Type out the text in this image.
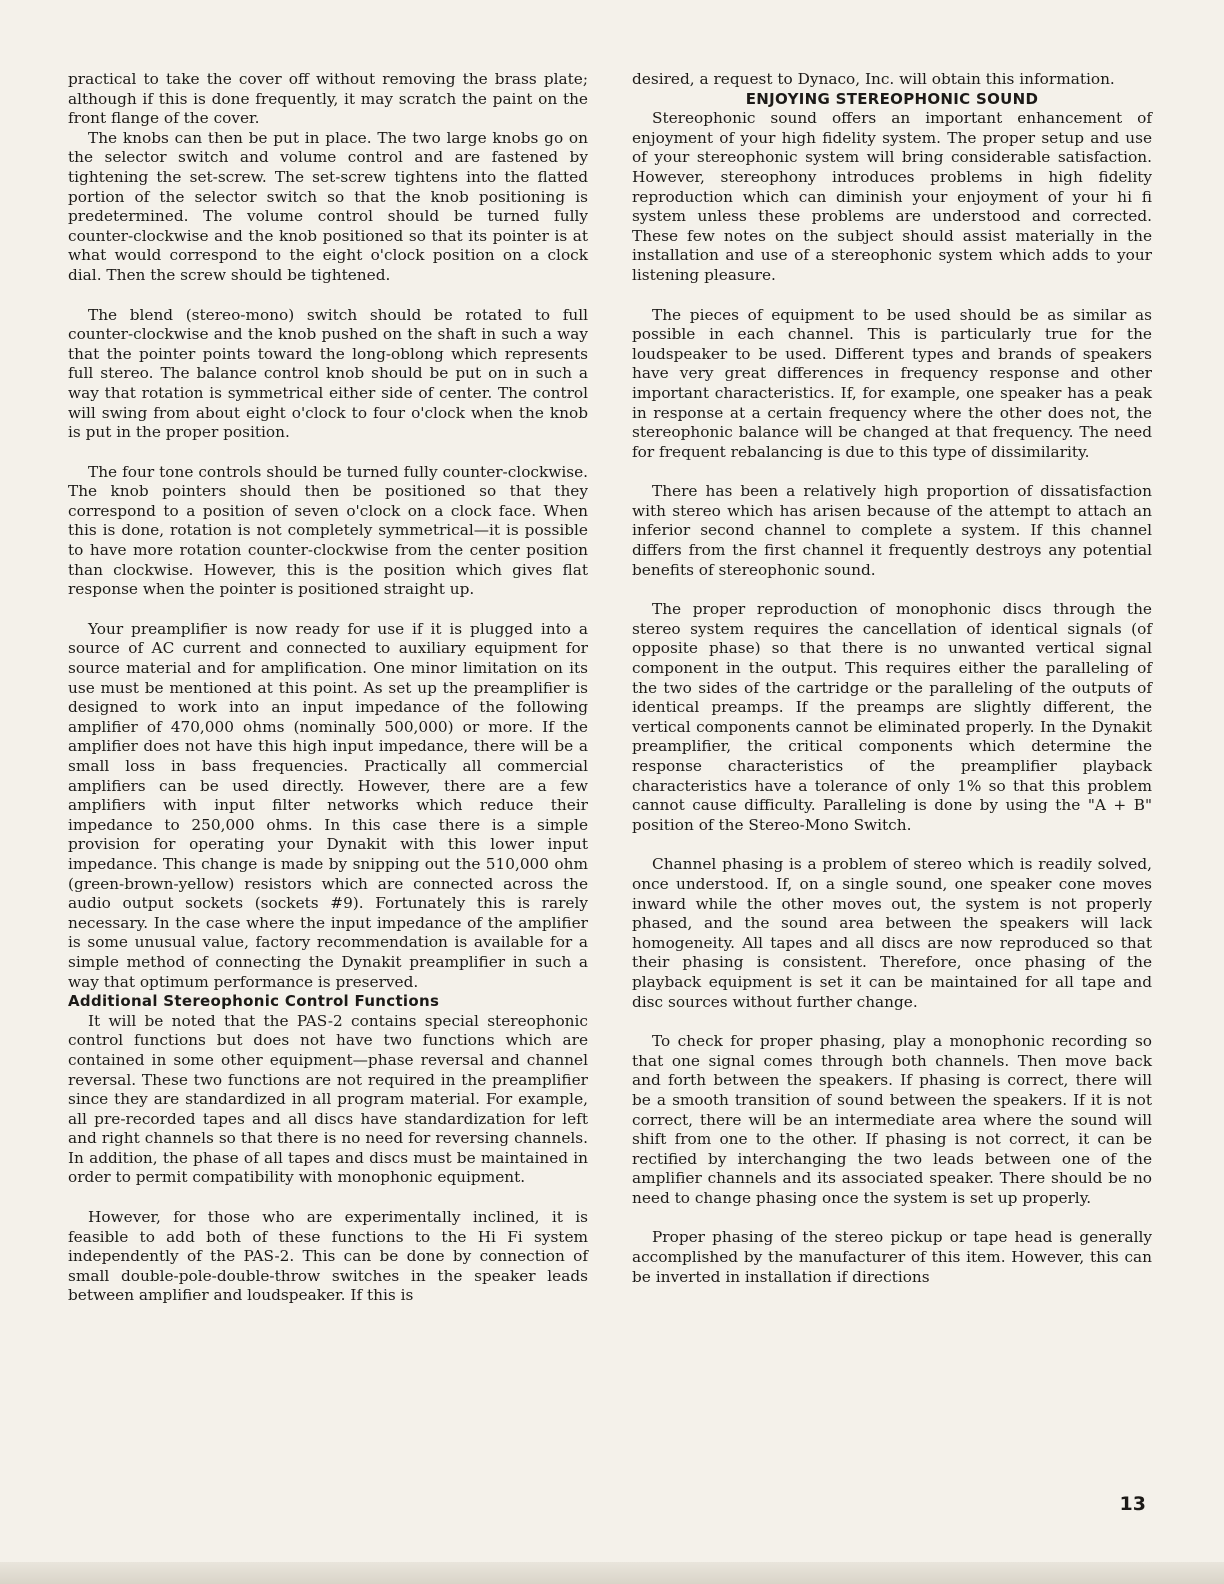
practical to take the cover off without removing the brass plate; although if this is done frequently, it may scratch the paint on the front flange of the cover.

The knobs can then be put in place. The two large knobs go on the selector switch and volume control and are fastened by tightening the set-screw. The set-screw tightens into the flatted portion of the selector switch so that the knob positioning is predetermined. The volume control should be turned fully counter-clockwise and the knob positioned so that its pointer is at what would correspond to the eight o'clock position on a clock dial. Then the screw should be tightened.

The blend (stereo-mono) switch should be rotated to full counter-clockwise and the knob pushed on the shaft in such a way that the pointer points toward the long-oblong which represents full stereo. The balance control knob should be put on in such a way that rotation is symmetrical either side of center. The control will swing from about eight o'clock to four o'clock when the knob is put in the proper position.

The four tone controls should be turned fully counter-clockwise. The knob pointers should then be positioned so that they correspond to a position of seven o'clock on a clock face. When this is done, rotation is not completely symmetrical—it is possible to have more rotation counter-clockwise from the center position than clockwise. However, this is the position which gives flat response when the pointer is positioned straight up.

Your preamplifier is now ready for use if it is plugged into a source of AC current and connected to auxiliary equipment for source material and for amplification. One minor limitation on its use must be mentioned at this point. As set up the preamplifier is designed to work into an input impedance of the following amplifier of 470,000 ohms (nominally 500,000) or more. If the amplifier does not have this high input impedance, there will be a small loss in bass frequencies. Practically all commercial amplifiers can be used directly. However, there are a few amplifiers with input filter networks which reduce their impedance to 250,000 ohms. In this case there is a simple provision for operating your Dynakit with this lower input impedance. This change is made by snipping out the 510,000 ohm (green-brown-yellow) resistors which are connected across the audio output sockets (sockets #9). Fortunately this is rarely necessary. In the case where the input impedance of the amplifier is some unusual value, factory recommendation is available for a simple method of connecting the Dynakit preamplifier in such a way that optimum performance is preserved.

Additional Stereophonic Control Functions

It will be noted that the PAS-2 contains special stereophonic control functions but does not have two functions which are contained in some other equipment—phase reversal and channel reversal. These two functions are not required in the preamplifier since they are standardized in all program material. For example, all pre-recorded tapes and all discs have standardization for left and right channels so that there is no need for reversing channels. In addition, the phase of all tapes and discs must be maintained in order to permit compatibility with monophonic equipment.

However, for those who are experimentally inclined, it is feasible to add both of these functions to the Hi Fi system independently of the PAS-2. This can be done by connection of small double-pole-double-throw switches in the speaker leads between amplifier and loudspeaker. If this is

desired, a request to Dynaco, Inc. will obtain this information.

ENJOYING STEREOPHONIC SOUND

Stereophonic sound offers an important enhancement of enjoyment of your high fidelity system. The proper setup and use of your stereophonic system will bring considerable satisfaction. However, stereophony introduces problems in high fidelity reproduction which can diminish your enjoyment of your hi fi system unless these problems are understood and corrected. These few notes on the subject should assist materially in the installation and use of a stereophonic system which adds to your listening pleasure.

The pieces of equipment to be used should be as similar as possible in each channel. This is particularly true for the loudspeaker to be used. Different types and brands of speakers have very great differences in frequency response and other important characteristics. If, for example, one speaker has a peak in response at a certain frequency where the other does not, the stereophonic balance will be changed at that frequency. The need for frequent rebalancing is due to this type of dissimilarity.

There has been a relatively high proportion of dissatisfaction with stereo which has arisen because of the attempt to attach an inferior second channel to complete a system. If this channel differs from the first channel it frequently destroys any potential benefits of stereophonic sound.

The proper reproduction of monophonic discs through the stereo system requires the cancellation of identical signals (of opposite phase) so that there is no unwanted vertical signal component in the output. This requires either the paralleling of the two sides of the cartridge or the paralleling of the outputs of identical preamps. If the preamps are slightly different, the vertical components cannot be eliminated properly. In the Dynakit preamplifier, the critical components which determine the response characteristics of the preamplifier playback characteristics have a tolerance of only 1% so that this problem cannot cause difficulty. Paralleling is done by using the "A + B" position of the Stereo-Mono Switch.

Channel phasing is a problem of stereo which is readily solved, once understood. If, on a single sound, one speaker cone moves inward while the other moves out, the system is not properly phased, and the sound area between the speakers will lack homogeneity. All tapes and all discs are now reproduced so that their phasing is consistent. Therefore, once phasing of the playback equipment is set it can be maintained for all tape and disc sources without further change.

To check for proper phasing, play a monophonic recording so that one signal comes through both channels. Then move back and forth between the speakers. If phasing is correct, there will be a smooth transition of sound between the speakers. If it is not correct, there will be an intermediate area where the sound will shift from one to the other. If phasing is not correct, it can be rectified by interchanging the two leads between one of the amplifier channels and its associated speaker. There should be no need to change phasing once the system is set up properly.

Proper phasing of the stereo pickup or tape head is generally accomplished by the manufacturer of this item. However, this can be inverted in installation if directions

13
